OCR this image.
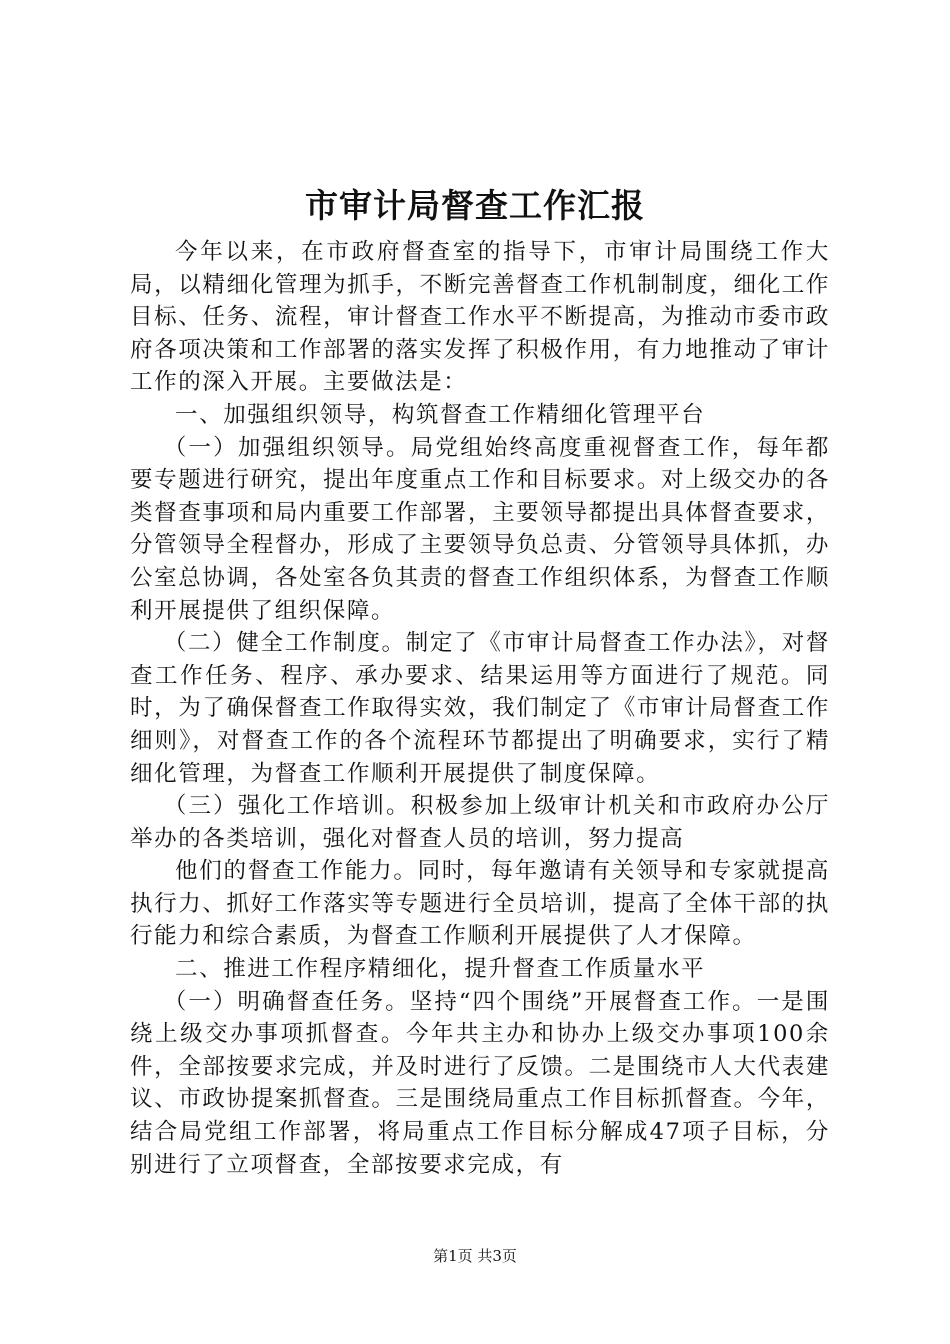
市审计局督查工作汇报

今年以来，在市政府督查室的指导下，市审计局围绕工作大局，以精细化管理为抓手，不断完善督查工作机制制度，细化工作目标、任务、流程，审计督查工作水平不断提高，为推动市委市政府各项决策和工作部署的落实发挥了积极作用，有力地推动了审计工作的深入开展。主要做法是：

一、加强组织领导，构筑督查工作精细化管理平台

（一）加强组织领导。局党组始终高度重视督查工作，每年都要专题进行研究，提出年度重点工作和目标要求。对上级交办的各类督查事项和局内重要工作部署，主要领导都提出具体督查要求，分管领导全程督办，形成了主要领导负总责、分管领导具体抓，办公室总协调，各处室各负其责的督查工作组织体系，为督查工作顺利开展提供了组织保障。

（二）健全工作制度。制定了《市审计局督查工作办法》，对督查工作任务、程序、承办要求、结果运用等方面进行了规范。同时，为了确保督查工作取得实效，我们制定了《市审计局督查工作细则》，对督查工作的各个流程环节都提出了明确要求，实行了精细化管理，为督查工作顺利开展提供了制度保障。

（三）强化工作培训。积极参加上级审计机关和市政府办公厅举办的各类培训，强化对督查人员的培训，努力提高

他们的督查工作能力。同时，每年邀请有关领导和专家就提高执行力、抓好工作落实等专题进行全员培训，提高了全体干部的执行能力和综合素质，为督查工作顺利开展提供了人才保障。

二、推进工作程序精细化，提升督查工作质量水平

（一）明确督查任务。坚持“四个围绕”开展督查工作。一是围绕上级交办事项抓督查。今年共主办和协办上级交办事项100余件，全部按要求完成，并及时进行了反馈。二是围绕市人大代表建议、市政协提案抓督查。三是围绕局重点工作目标抓督查。今年，结合局党组工作部署，将局重点工作目标分解成47项子目标，分别进行了立项督查，全部按要求完成，有

第1页 共3页
